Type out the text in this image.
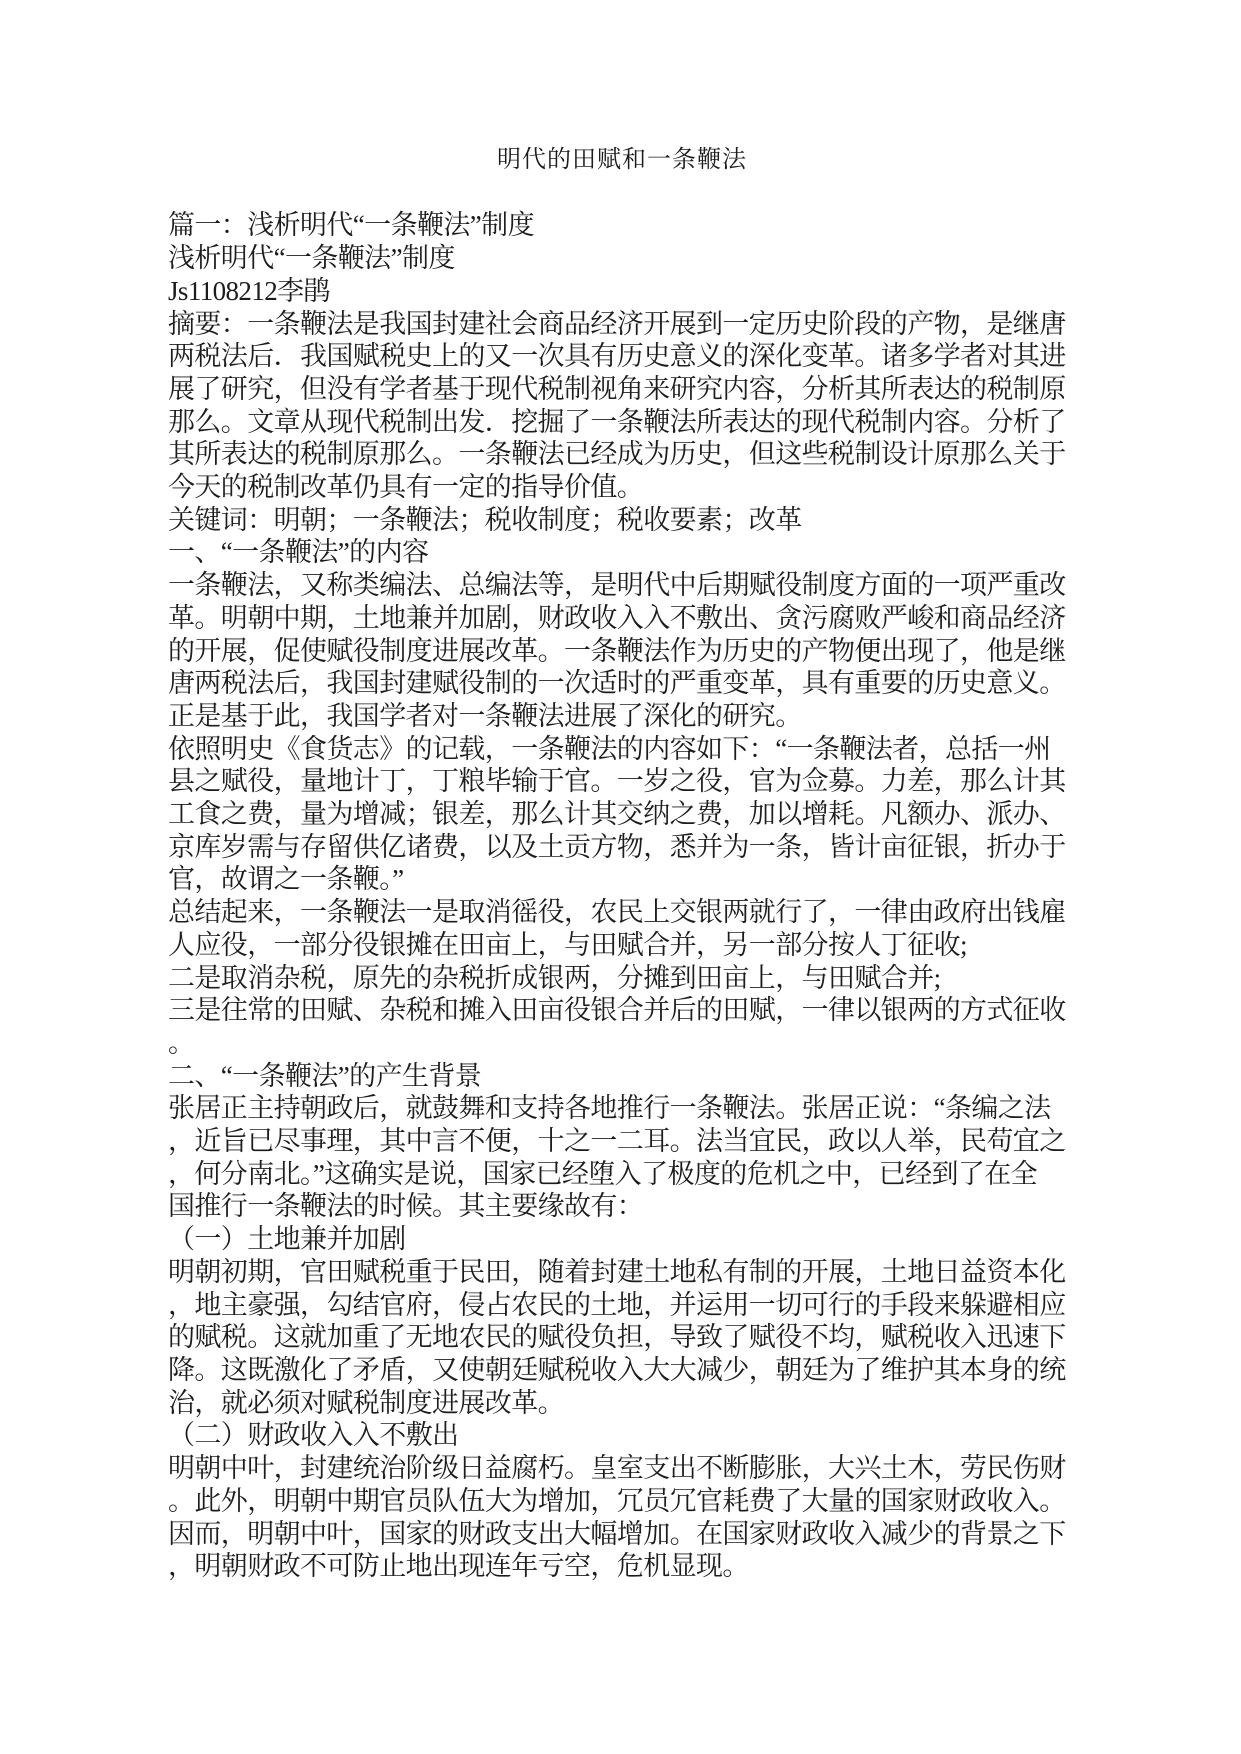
明代的田赋和一条鞭法
篇一：浅析明代“一条鞭法”制度
浅析明代“一条鞭法”制度
Js1108212李鹃
摘要：一条鞭法是我国封建社会商品经济开展到一定历史阶段的产物，是继唐
两税法后．我国赋税史上的又一次具有历史意义的深化变革。诸多学者对其进
展了研究，但没有学者基于现代税制视角来研究内容，分析其所表达的税制原
那么。文章从现代税制出发．挖掘了一条鞭法所表达的现代税制内容。分析了
其所表达的税制原那么。一条鞭法已经成为历史，但这些税制设计原那么关于
今天的税制改革仍具有一定的指导价值。
关键词：明朝；一条鞭法；税收制度；税收要素；改革
一、“一条鞭法”的内容
一条鞭法，又称类编法、总编法等，是明代中后期赋役制度方面的一项严重改
革。明朝中期，土地兼并加剧，财政收入入不敷出、贪污腐败严峻和商品经济
的开展，促使赋役制度进展改革。一条鞭法作为历史的产物便出现了，他是继
唐两税法后，我国封建赋役制的一次适时的严重变革，具有重要的历史意义。
正是基于此，我国学者对一条鞭法进展了深化的研究。
依照明史《食货志》的记载，一条鞭法的内容如下：“一条鞭法者，总括一州
县之赋役，量地计丁，丁粮毕输于官。一岁之役，官为佥募。力差，那么计其
工食之费，量为增减；银差，那么计其交纳之费，加以增耗。凡额办、派办、
京库岁需与存留供亿诸费，以及土贡方物，悉并为一条，皆计亩征银，折办于
官，故谓之一条鞭。”
总结起来，一条鞭法一是取消徭役，农民上交银两就行了，一律由政府出钱雇
人应役，一部分役银摊在田亩上，与田赋合并，另一部分按人丁征收;
二是取消杂税，原先的杂税折成银两，分摊到田亩上，与田赋合并;
三是往常的田赋、杂税和摊入田亩役银合并后的田赋，一律以银两的方式征收
。
二、“一条鞭法”的产生背景
张居正主持朝政后，就鼓舞和支持各地推行一条鞭法。张居正说：“条编之法
，近旨已尽事理，其中言不便，十之一二耳。法当宜民，政以人举，民苟宜之
，何分南北。”这确实是说，国家已经堕入了极度的危机之中，已经到了在全
国推行一条鞭法的时候。其主要缘故有：
（一）土地兼并加剧
明朝初期，官田赋税重于民田，随着封建土地私有制的开展，土地日益资本化
，地主豪强，勾结官府，侵占农民的土地，并运用一切可行的手段来躲避相应
的赋税。这就加重了无地农民的赋役负担，导致了赋役不均，赋税收入迅速下
降。这既激化了矛盾，又使朝廷赋税收入大大减少，朝廷为了维护其本身的统
治，就必须对赋税制度进展改革。
（二）财政收入入不敷出
明朝中叶，封建统治阶级日益腐朽。皇室支出不断膨胀，大兴土木，劳民伤财
。此外，明朝中期官员队伍大为增加，冗员冗官耗费了大量的国家财政收入。
因而，明朝中叶，国家的财政支出大幅增加。在国家财政收入减少的背景之下
，明朝财政不可防止地出现连年亏空，危机显现。
